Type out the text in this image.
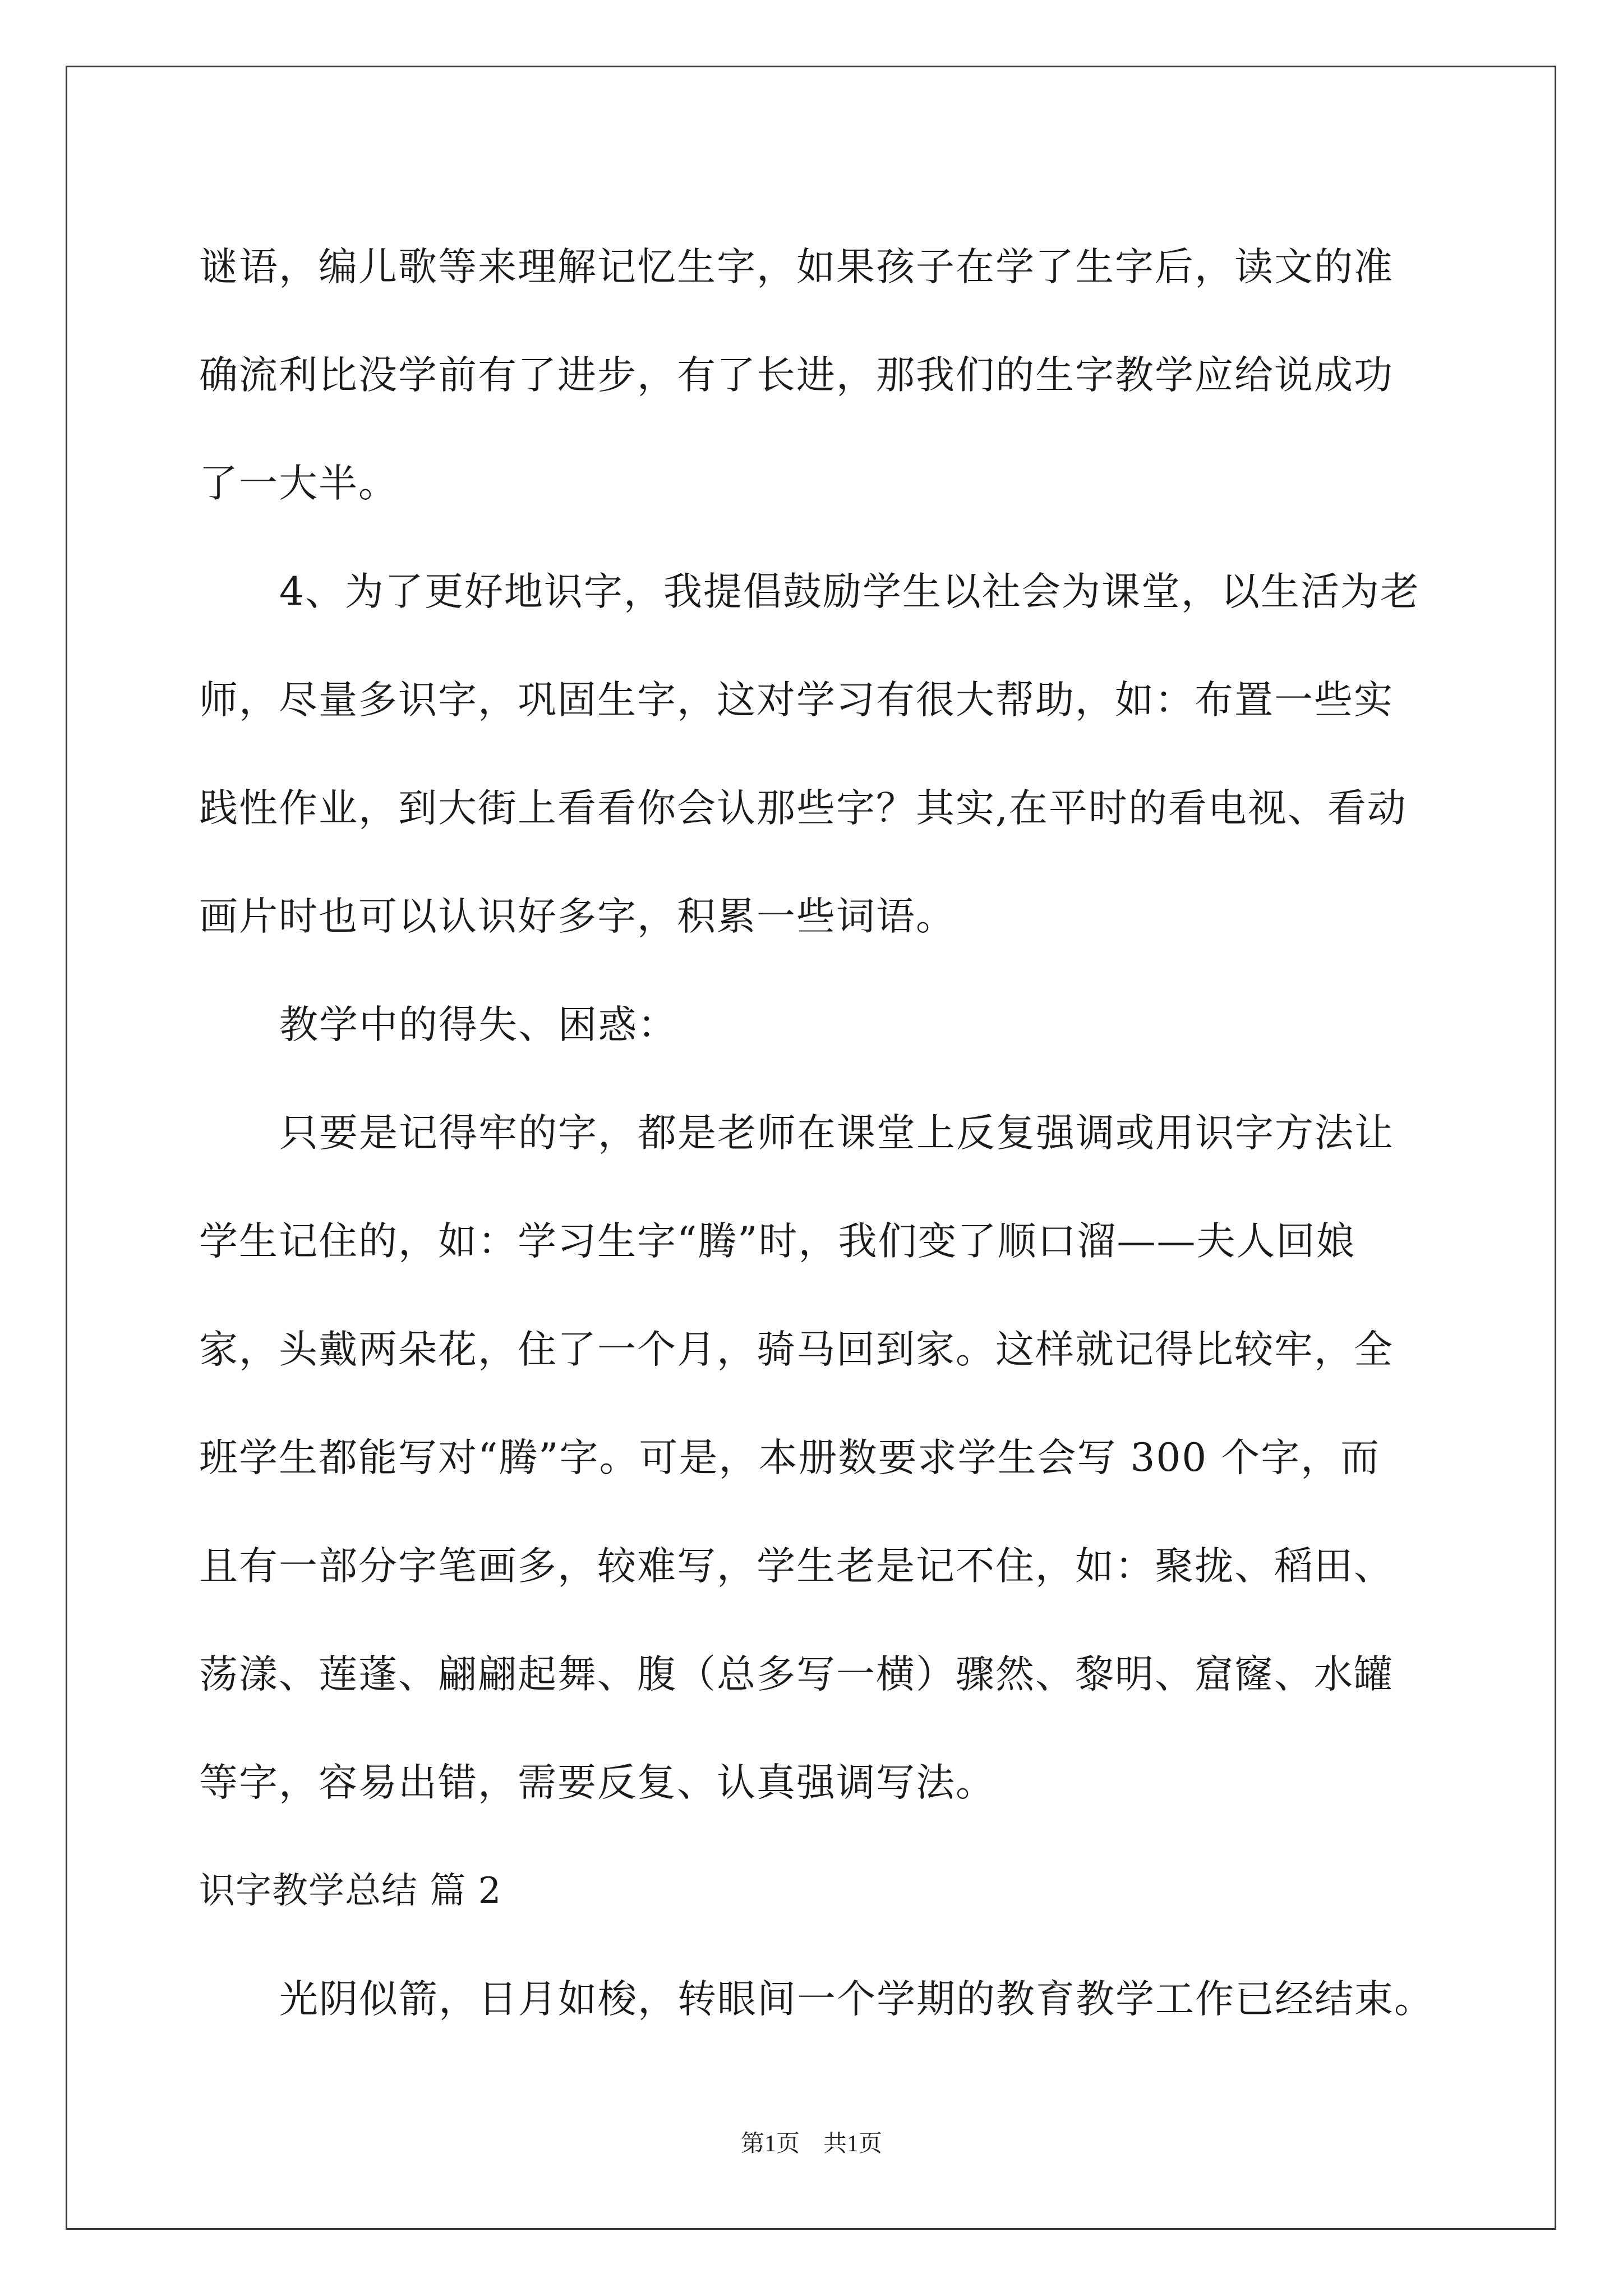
谜语，编儿歌等来理解记忆生字，如果孩子在学了生字后，读文的准
确流利比没学前有了进步，有了长进，那我们的生字教学应给说成功
了一大半。
4、为了更好地识字，我提倡鼓励学生以社会为课堂，以生活为老
师，尽量多识字，巩固生字，这对学习有很大帮助，如：布置一些实
践性作业，到大街上看看你会认那些字？其实,在平时的看电视、看动
画片时也可以认识好多字，积累一些词语。
教学中的得失、困惑：
只要是记得牢的字，都是老师在课堂上反复强调或用识字方法让
学生记住的，如：学习生字“腾”时，我们变了顺口溜——夫人回娘
家，头戴两朵花，住了一个月，骑马回到家。这样就记得比较牢，全
班学生都能写对“腾”字。可是，本册数要求学生会写 300 个字，而
且有一部分字笔画多，较难写，学生老是记不住，如：聚拢、稻田、
荡漾、莲蓬、翩翩起舞、腹（总多写一横）骤然、黎明、窟窿、水罐
等字，容易出错，需要反复、认真强调写法。
识字教学总结 篇 2
光阴似箭，日月如梭，转眼间一个学期的教育教学工作已经结束。
第1页　共1页
